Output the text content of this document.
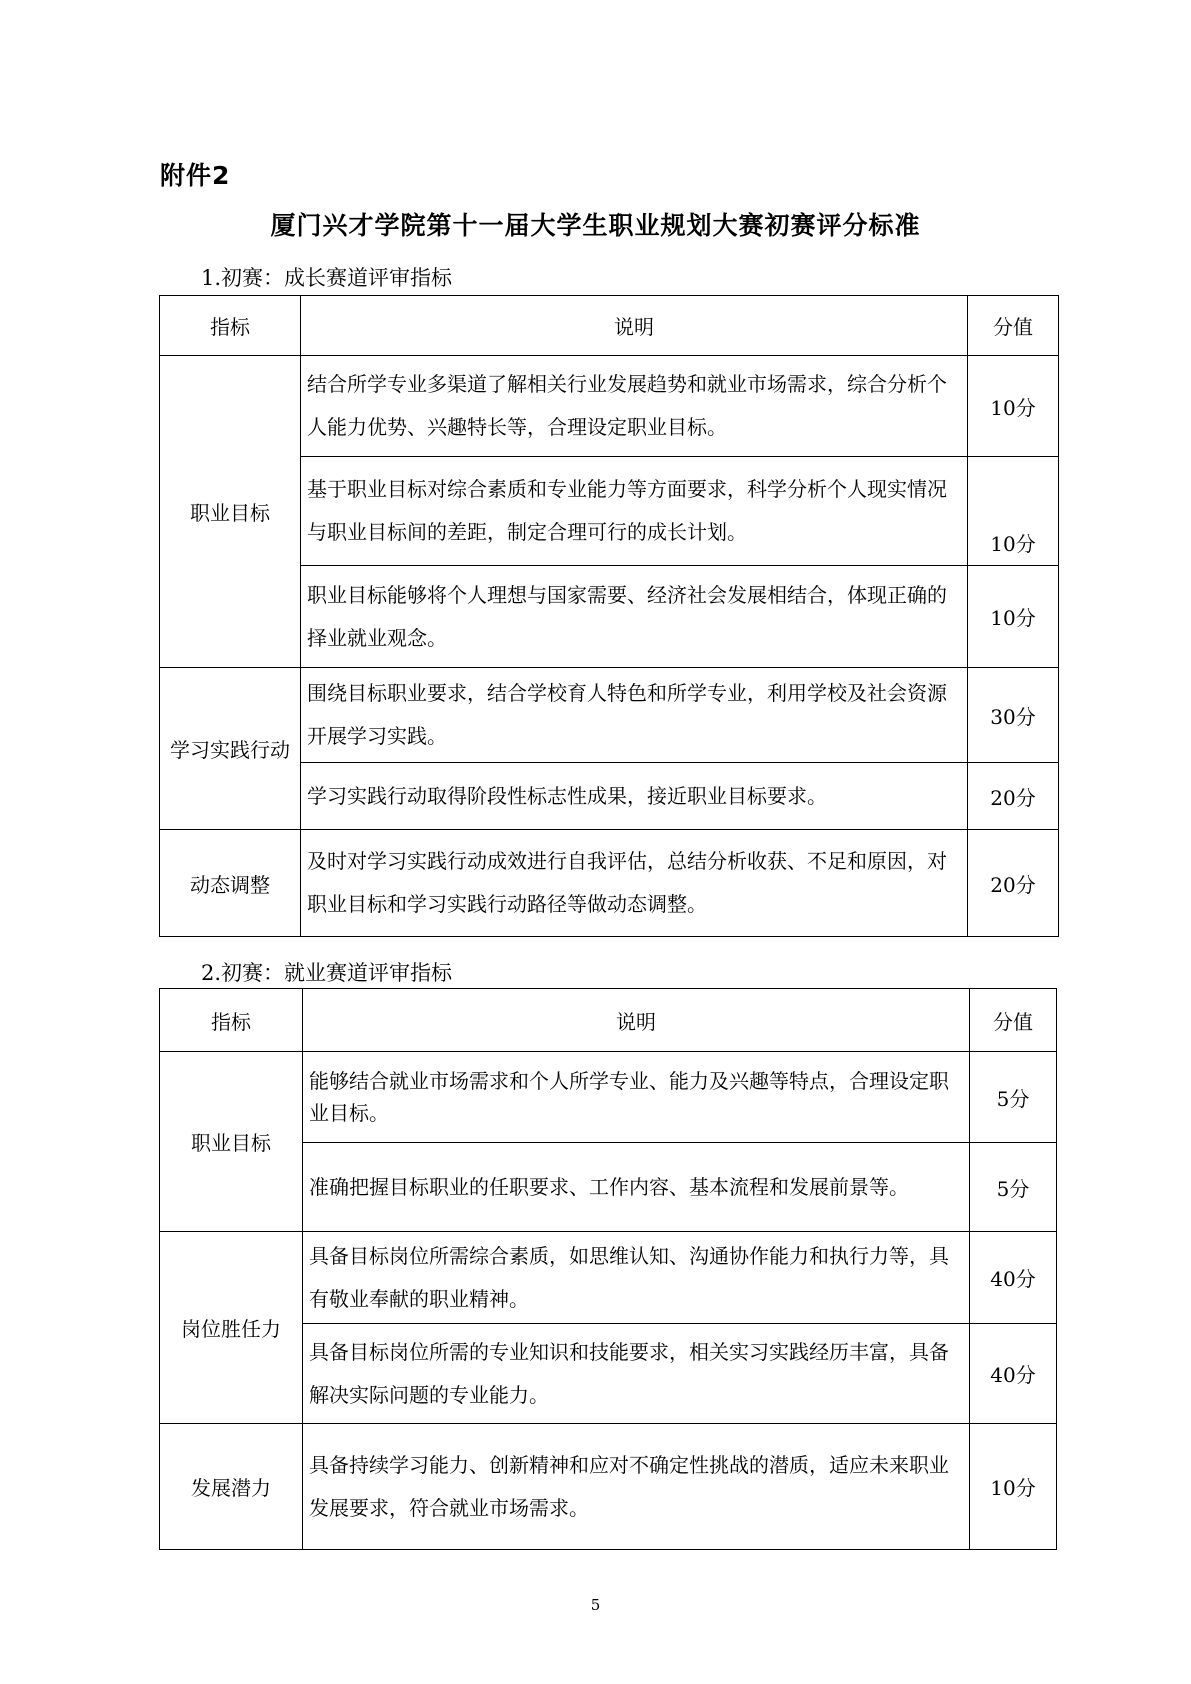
附件2
厦门兴才学院第十一届大学生职业规划大赛初赛评分标准
1.初赛：成长赛道评审指标
指标	说明	分值
职业目标	结合所学专业多渠道了解相关行业发展趋势和就业市场需求，综合分析个人能力优势、兴趣特长等，合理设定职业目标。	10分
	基于职业目标对综合素质和专业能力等方面要求，科学分析个人现实情况与职业目标间的差距，制定合理可行的成长计划。	10分
	职业目标能够将个人理想与国家需要、经济社会发展相结合，体现正确的择业就业观念。	10分
学习实践行动	围绕目标职业要求，结合学校育人特色和所学专业，利用学校及社会资源开展学习实践。	30分
	学习实践行动取得阶段性标志性成果，接近职业目标要求。	20分
动态调整	及时对学习实践行动成效进行自我评估，总结分析收获、不足和原因，对职业目标和学习实践行动路径等做动态调整。	20分
2.初赛：就业赛道评审指标
指标	说明	分值
职业目标	能够结合就业市场需求和个人所学专业、能力及兴趣等特点，合理设定职业目标。	5分
	准确把握目标职业的任职要求、工作内容、基本流程和发展前景等。	5分
岗位胜任力	具备目标岗位所需综合素质，如思维认知、沟通协作能力和执行力等，具有敬业奉献的职业精神。	40分
	具备目标岗位所需的专业知识和技能要求，相关实习实践经历丰富，具备解决实际问题的专业能力。	40分
发展潜力	具备持续学习能力、创新精神和应对不确定性挑战的潜质，适应未来职业发展要求，符合就业市场需求。	10分
5
